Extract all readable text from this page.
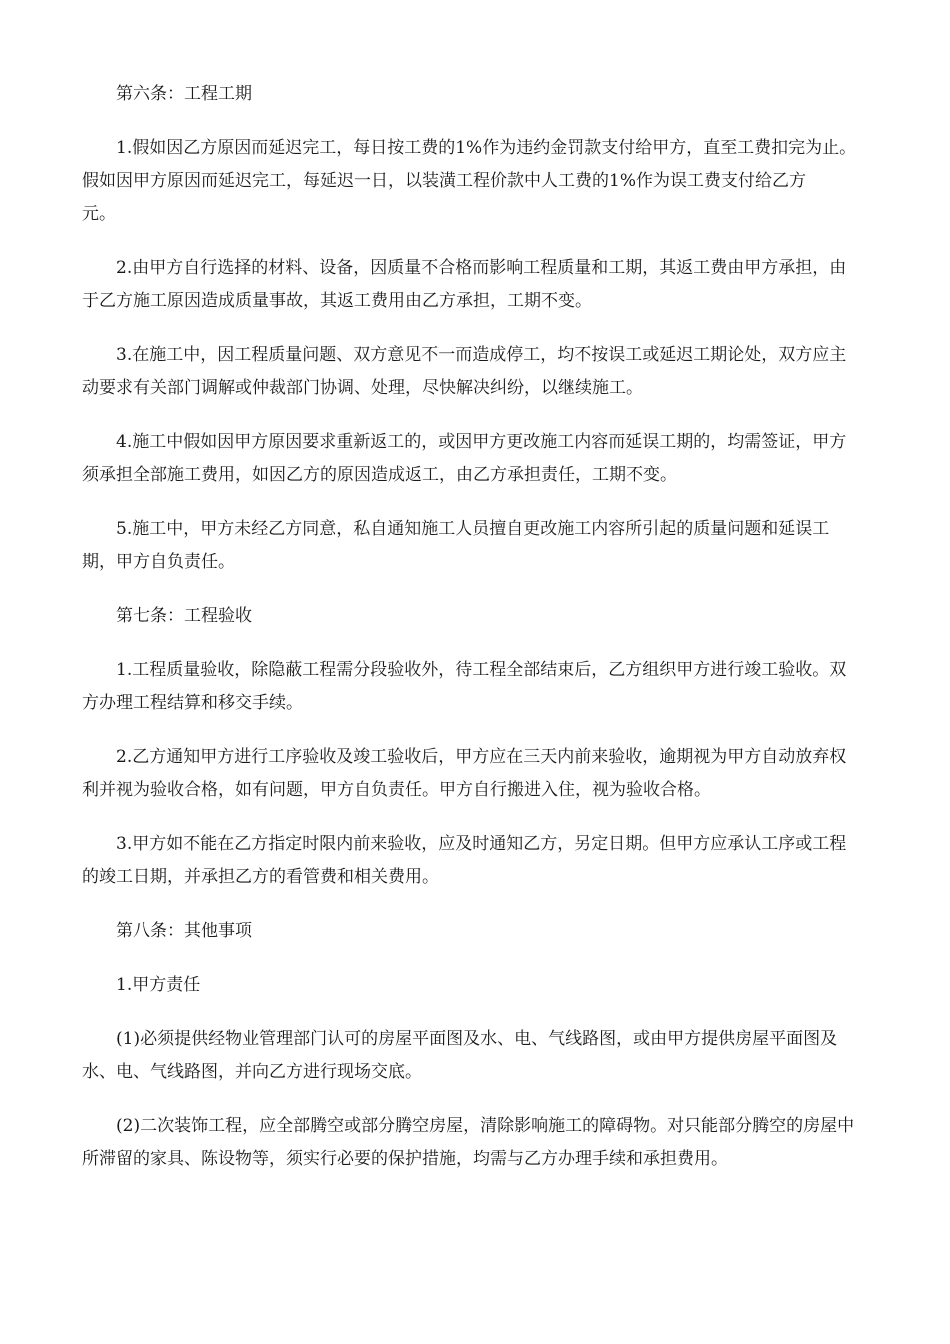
第六条：工程工期

1.假如因乙方原因而延迟完工，每日按工费的1%作为违约金罚款支付给甲方，直至工费扣完为止。假如因甲方原因而延迟完工，每延迟一日，以装潢工程价款中人工费的1%作为误工费支付给乙方　　　元。

2.由甲方自行选择的材料、设备，因质量不合格而影响工程质量和工期，其返工费由甲方承担，由于乙方施工原因造成质量事故，其返工费用由乙方承担，工期不变。

3.在施工中，因工程质量问题、双方意见不一而造成停工，均不按误工或延迟工期论处，双方应主动要求有关部门调解或仲裁部门协调、处理，尽快解决纠纷，以继续施工。

4.施工中假如因甲方原因要求重新返工的，或因甲方更改施工内容而延误工期的，均需签证，甲方须承担全部施工费用，如因乙方的原因造成返工，由乙方承担责任，工期不变。

5.施工中，甲方未经乙方同意，私自通知施工人员擅自更改施工内容所引起的质量问题和延误工期，甲方自负责任。

第七条：工程验收

1.工程质量验收，除隐蔽工程需分段验收外，待工程全部结束后，乙方组织甲方进行竣工验收。双方办理工程结算和移交手续。

2.乙方通知甲方进行工序验收及竣工验收后，甲方应在三天内前来验收，逾期视为甲方自动放弃权利并视为验收合格，如有问题，甲方自负责任。甲方自行搬进入住，视为验收合格。

3.甲方如不能在乙方指定时限内前来验收，应及时通知乙方，另定日期。但甲方应承认工序或工程的竣工日期，并承担乙方的看管费和相关费用。

第八条：其他事项

1.甲方责任

(1)必须提供经物业管理部门认可的房屋平面图及水、电、气线路图，或由甲方提供房屋平面图及水、电、气线路图，并向乙方进行现场交底。

(2)二次装饰工程，应全部腾空或部分腾空房屋，清除影响施工的障碍物。对只能部分腾空的房屋中所滞留的家具、陈设物等，须实行必要的保护措施，均需与乙方办理手续和承担费用。
